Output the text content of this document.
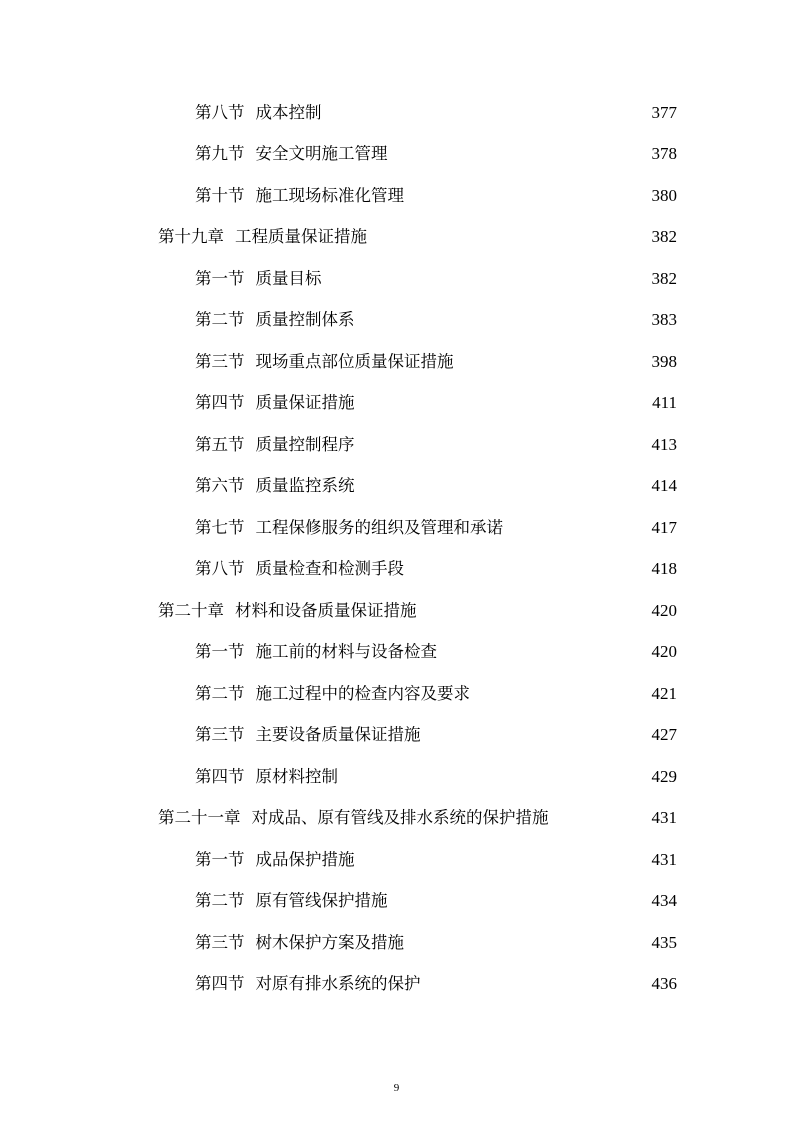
第八节 成本控制	377
第九节 安全文明施工管理	378
第十节 施工现场标准化管理	380
第十九章 工程质量保证措施	382
第一节 质量目标	382
第二节 质量控制体系	383
第三节 现场重点部位质量保证措施	398
第四节 质量保证措施	411
第五节 质量控制程序	413
第六节 质量监控系统	414
第七节 工程保修服务的组织及管理和承诺	417
第八节 质量检查和检测手段	418
第二十章 材料和设备质量保证措施	420
第一节 施工前的材料与设备检查	420
第二节 施工过程中的检查内容及要求	421
第三节 主要设备质量保证措施	427
第四节 原材料控制	429
第二十一章 对成品、原有管线及排水系统的保护措施	431
第一节 成品保护措施	431
第二节 原有管线保护措施	434
第三节 树木保护方案及措施	435
第四节 对原有排水系统的保护	436
9
